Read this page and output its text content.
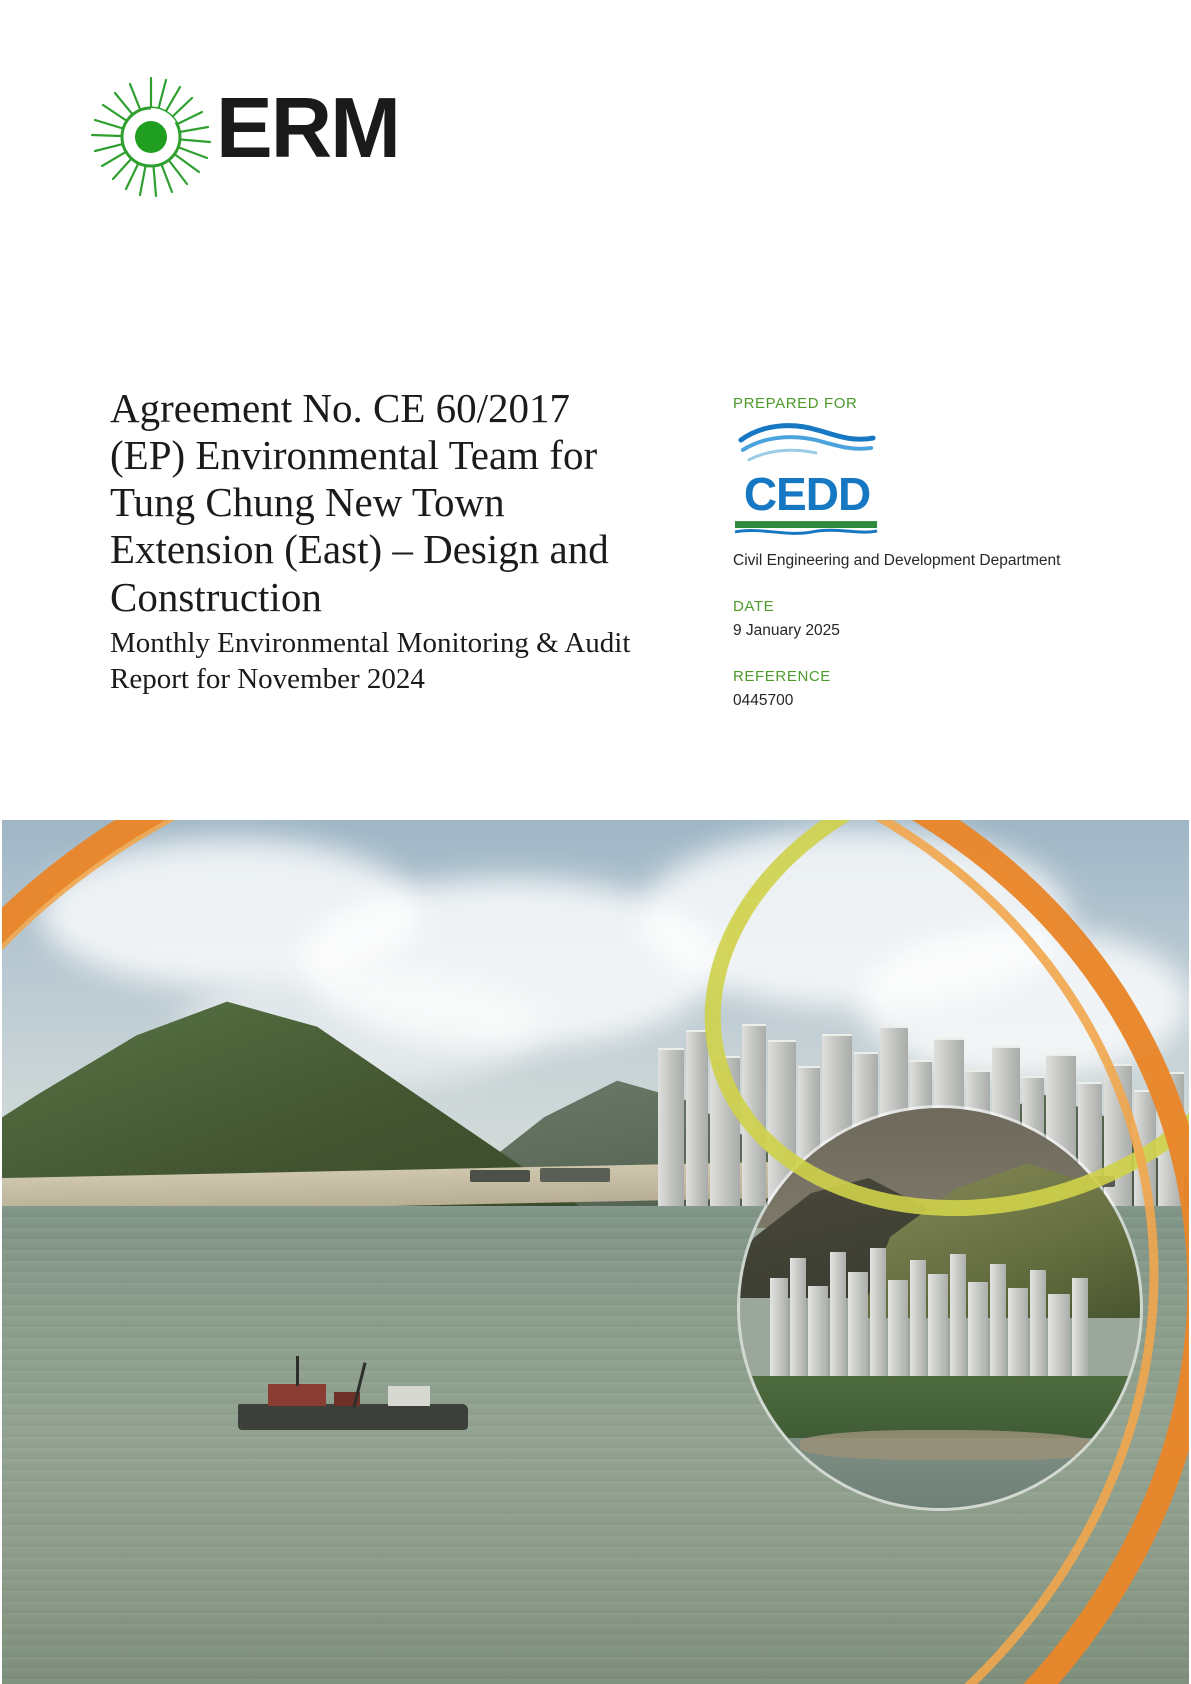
ERM
Agreement No. CE 60/2017 (EP) Environmental Team for Tung Chung New Town Extension (East) – Design and Construction

Monthly Environmental Monitoring & Audit Report for November 2024

PREPARED FOR

CEDD

Civil Engineering and Development Department

DATE

9 January 2025

REFERENCE

0445700
